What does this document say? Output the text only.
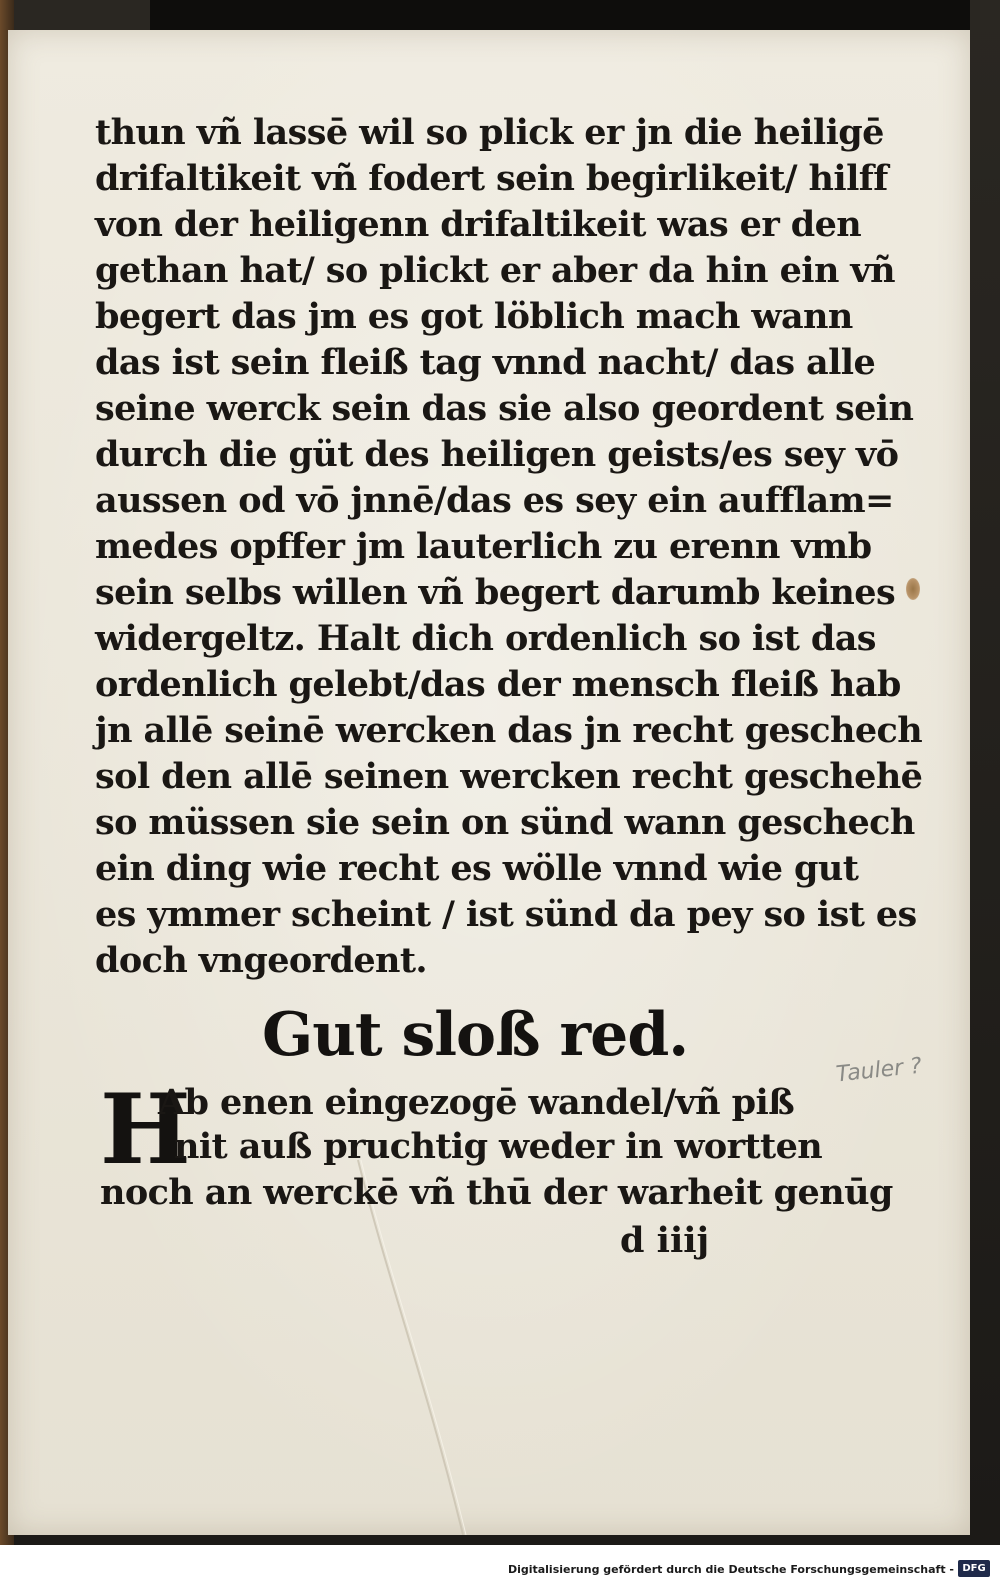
thun vñ lassē wil so plick er jn die heiligē
drifaltikeit vñ fodert sein begirlikeit/ hilff
von der heiligenn drifaltikeit was er den
gethan hat/ so plickt er aber da hin ein vñ
begert das jm es got löblich mach wann
das ist sein fleiß tag vnnd nacht/ das alle
seine werck sein das sie also geordent sein
durch die güt des heiligen geists/es sey vō
aussen od vō jnnē/das es sey ein aufflam=
medes opffer jm lauterlich zu erenn vmb
sein selbs willen vñ begert darumb keines
widergeltz. Halt dich ordenlich so ist das
ordenlich gelebt/das der mensch fleiß hab
jn allē seinē wercken das jn recht geschech
sol den allē seinen wercken recht geschehē
so müssen sie sein on sünd wann geschech
ein ding wie recht es wölle vnnd wie gut
es ymmer scheint / ist sünd da pey so ist es
doch vngeordent.
Gut sloß red.
H
Ab enen eingezogē wandel/vñ piß
nit auß pruchtig weder in wortten
noch an werckē vñ thū der warheit genūg
d iiij
Tauler ?
Digitalisierung gefördert durch die Deutsche Forschungsgemeinschaft - DFG
